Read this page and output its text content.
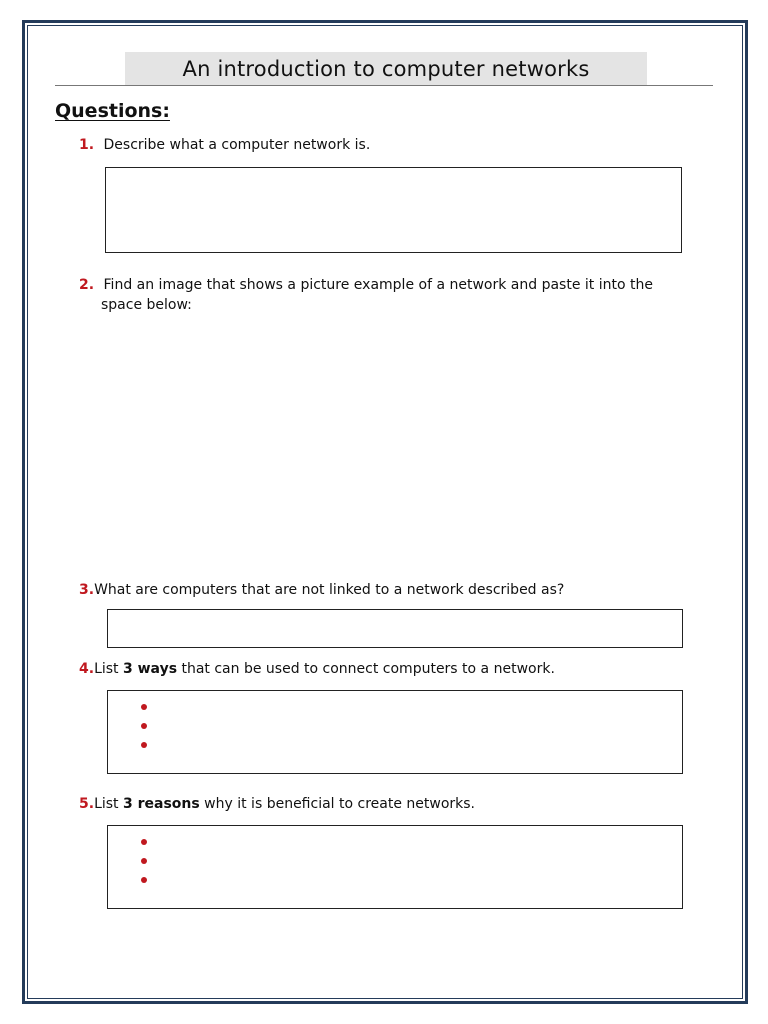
An introduction to computer networks
Questions:
1. Describe what a computer network is.
2. Find an image that shows a picture example of a network and paste it into the
space below:
3.What are computers that are not linked to a network described as?
4.List 3 ways that can be used to connect computers to a network.
5.List 3 reasons why it is beneficial to create networks.
